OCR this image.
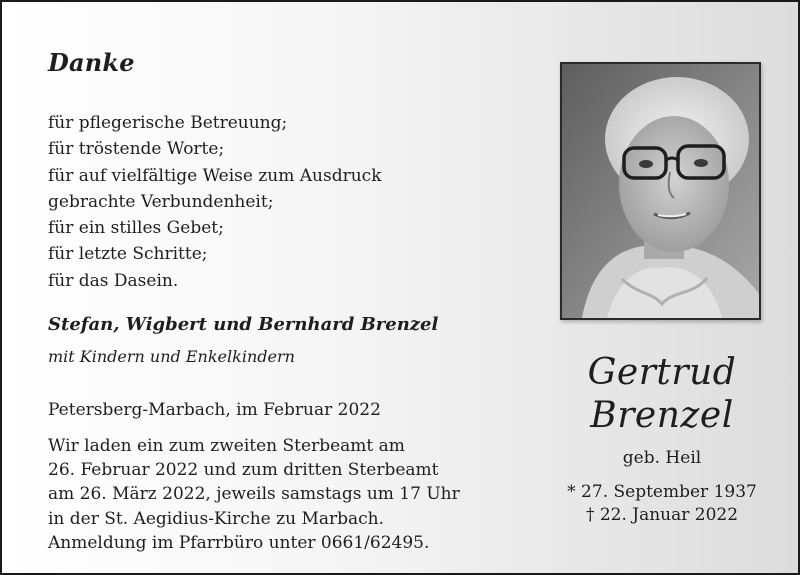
Danke
für pflegerische Betreuung;
für tröstende Worte;
für auf vielfältige Weise zum Ausdruck
gebrachte Verbundenheit;
für ein stilles Gebet;
für letzte Schritte;
für das Dasein.
Stefan, Wigbert und Bernhard Brenzel
mit Kindern und Enkelkindern
Petersberg-Marbach, im Februar 2022
Wir laden ein zum zweiten Sterbeamt am
26. Februar 2022 und zum dritten Sterbeamt
am 26. März 2022, jeweils samstags um 17 Uhr
in der St. Aegidius-Kirche zu Marbach.
Anmeldung im Pfarrbüro unter 0661/62495.
Gertrud
Brenzel
geb. Heil
* 27. September 1937
† 22. Januar 2022
